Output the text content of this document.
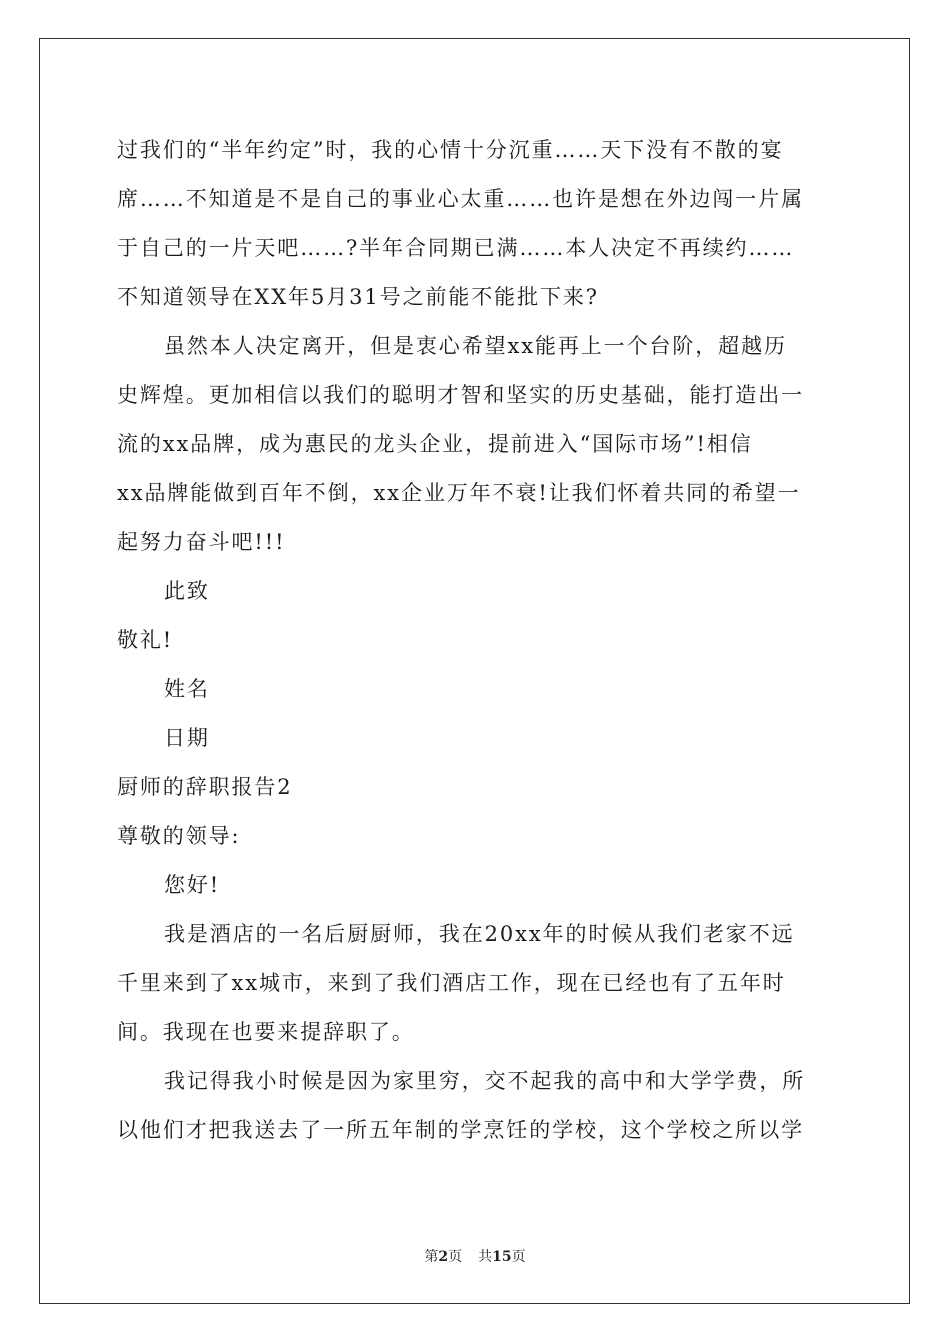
过我们的“半年约定”时，我的心情十分沉重……天下没有不散的宴
席……不知道是不是自己的事业心太重……也许是想在外边闯一片属
于自己的一片天吧……?半年合同期已满……本人决定不再续约……
不知道领导在XX年5月31号之前能不能批下来?
虽然本人决定离开，但是衷心希望xx能再上一个台阶，超越历
史辉煌。更加相信以我们的聪明才智和坚实的历史基础，能打造出一
流的xx品牌，成为惠民的龙头企业，提前进入“国际市场”!相信
xx品牌能做到百年不倒，xx企业万年不衰!让我们怀着共同的希望一
起努力奋斗吧!!!
此致
敬礼!
姓名
日期
厨师的辞职报告2
尊敬的领导:
您好!
我是酒店的一名后厨厨师，我在20xx年的时候从我们老家不远
千里来到了xx城市，来到了我们酒店工作，现在已经也有了五年时
间。我现在也要来提辞职了。
我记得我小时候是因为家里穷，交不起我的高中和大学学费，所
以他们才把我送去了一所五年制的学烹饪的学校，这个学校之所以学
第2页 共15页
